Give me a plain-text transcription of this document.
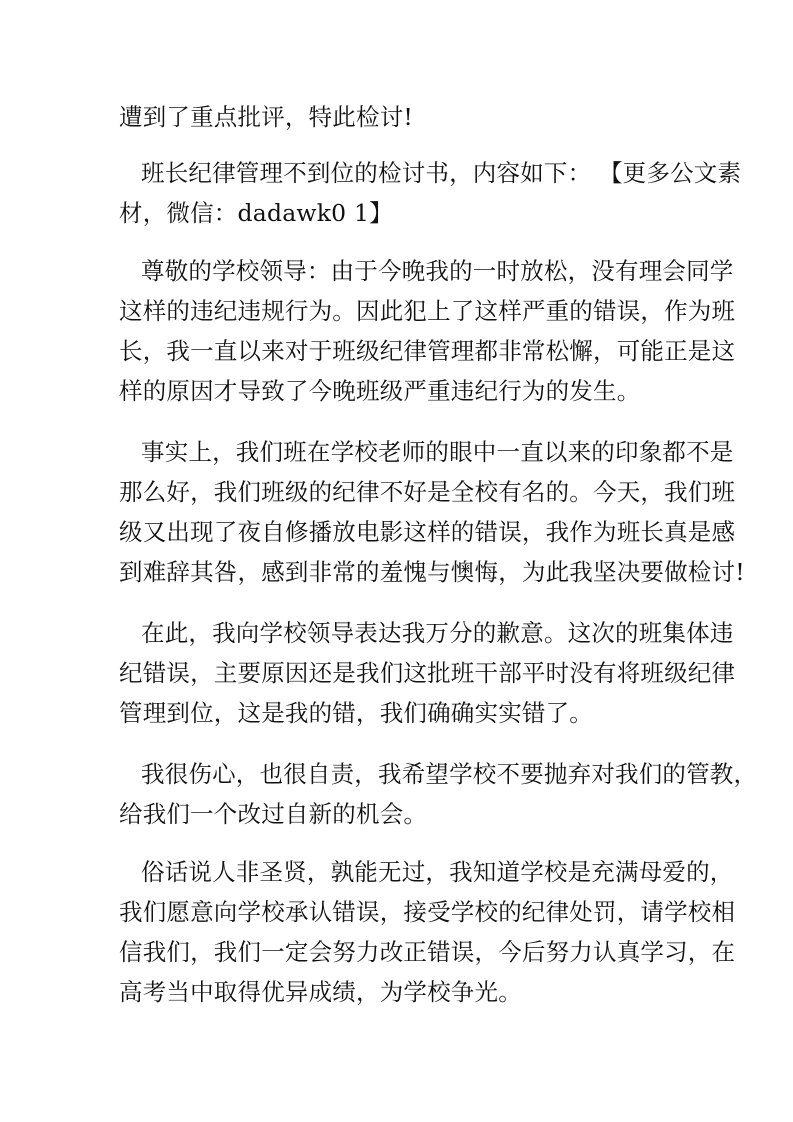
遭到了重点批评，特此检讨!

班长纪律管理不到位的检讨书，内容如下： 【更多公文素
材，微信：dadawk0 1】

尊敬的学校领导：由于今晚我的一时放松，没有理会同学
这样的违纪违规行为。因此犯上了这样严重的错误，作为班
长，我一直以来对于班级纪律管理都非常松懈，可能正是这
样的原因才导致了今晚班级严重违纪行为的发生。

事实上，我们班在学校老师的眼中一直以来的印象都不是
那么好，我们班级的纪律不好是全校有名的。今天，我们班
级又出现了夜自修播放电影这样的错误，我作为班长真是感
到难辞其咎，感到非常的羞愧与懊悔，为此我坚决要做检讨!

在此，我向学校领导表达我万分的歉意。这次的班集体违
纪错误，主要原因还是我们这批班干部平时没有将班级纪律
管理到位，这是我的错，我们确确实实错了。

我很伤心，也很自责，我希望学校不要抛弃对我们的管教，
给我们一个改过自新的机会。

俗话说人非圣贤，孰能无过，我知道学校是充满母爱的，
我们愿意向学校承认错误，接受学校的纪律处罚，请学校相
信我们，我们一定会努力改正错误，今后努力认真学习，在
高考当中取得优异成绩，为学校争光。
